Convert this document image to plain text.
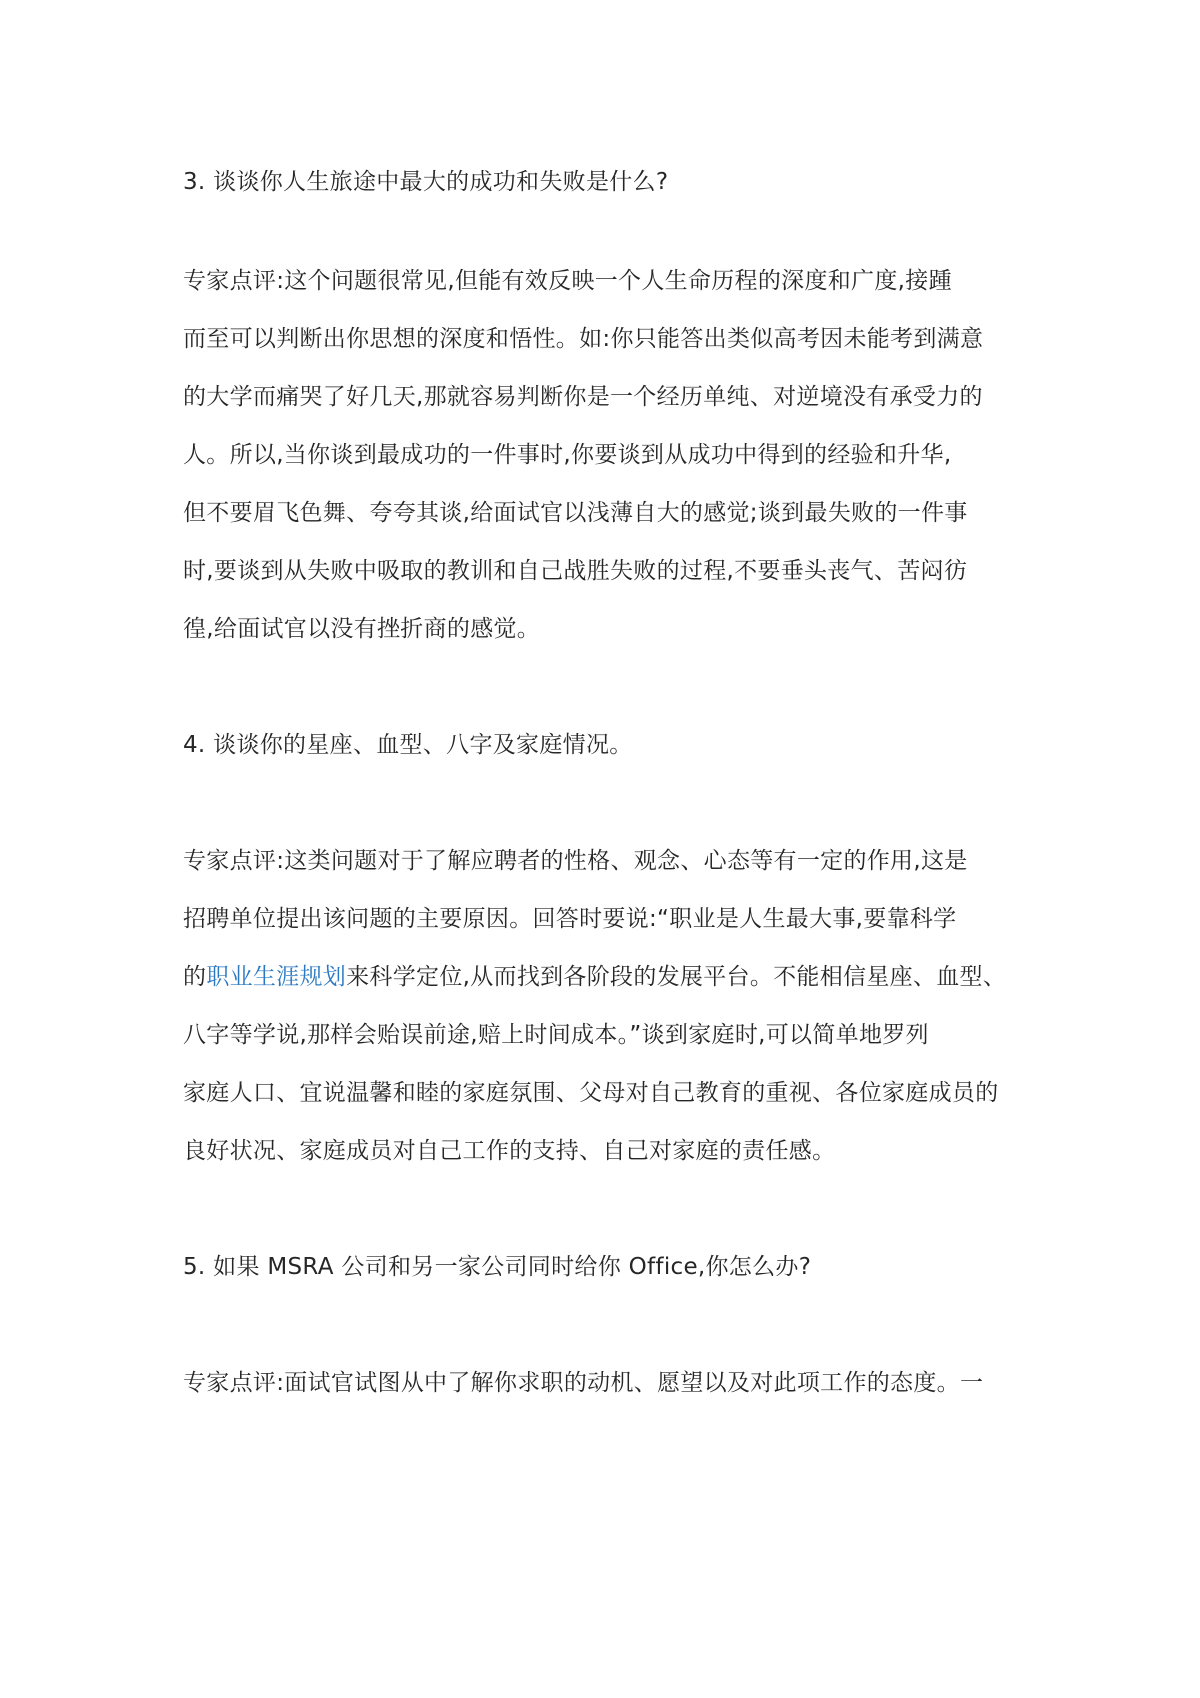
3. 谈谈你人生旅途中最大的成功和失败是什么?

专家点评:这个问题很常见,但能有效反映一个人生命历程的深度和广度,接踵

而至可以判断出你思想的深度和悟性。如:你只能答出类似高考因未能考到满意

的大学而痛哭了好几天,那就容易判断你是一个经历单纯、对逆境没有承受力的

人。所以,当你谈到最成功的一件事时,你要谈到从成功中得到的经验和升华,

但不要眉飞色舞、夸夸其谈,给面试官以浅薄自大的感觉;谈到最失败的一件事

时,要谈到从失败中吸取的教训和自己战胜失败的过程,不要垂头丧气、苦闷彷

徨,给面试官以没有挫折商的感觉。

4. 谈谈你的星座、血型、八字及家庭情况。

专家点评:这类问题对于了解应聘者的性格、观念、心态等有一定的作用,这是

招聘单位提出该问题的主要原因。回答时要说:“职业是人生最大事,要靠科学

的职业生涯规划来科学定位,从而找到各阶段的发展平台。不能相信星座、血型、

八字等学说,那样会贻误前途,赔上时间成本。”谈到家庭时,可以简单地罗列

家庭人口、宜说温馨和睦的家庭氛围、父母对自己教育的重视、各位家庭成员的

良好状况、家庭成员对自己工作的支持、自己对家庭的责任感。

5. 如果 MSRA 公司和另一家公司同时给你 Office,你怎么办?

专家点评:面试官试图从中了解你求职的动机、愿望以及对此项工作的态度。一
